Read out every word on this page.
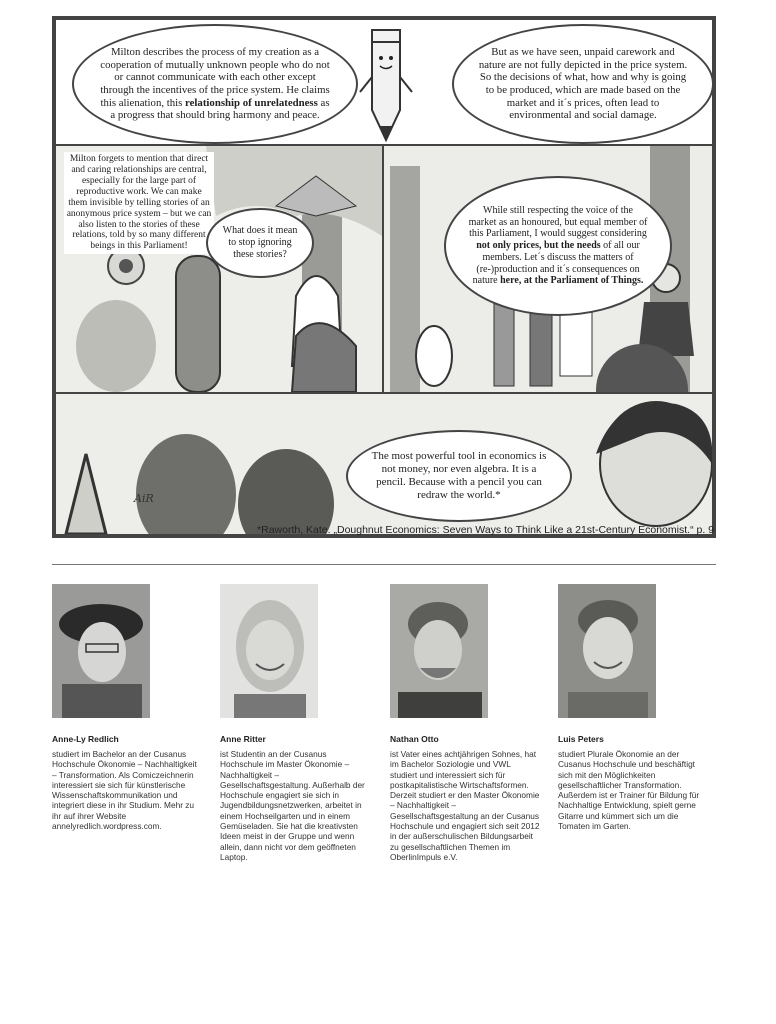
Milton describes the process of my creation as a cooperation of mutually unknown people who do not or cannot communicate with each other except through the incentives of the price system. He claims this alienation, this relationship of unrelatedness as a progress that should bring harmony and peace.
But as we have seen, unpaid carework and nature are not fully depicted in the price system. So the decisions of what, how and why is going to be produced, which are made based on the market and it´s prices, often lead to environmental and social damage.
Milton forgets to mention that direct and caring relationships are central, especially for the large part of reproductive work. We can make them invisible by telling stories of an anonymous price system – but we can also listen to the stories of these relations, told by so many different beings in this Parliament!
What does it mean to stop ignoring these stories?
While still respecting the voice of the market as an honoured, but equal member of this Parliament, I would suggest considering not only prices, but the needs of all our members. Let´s discuss the matters of (re-)production and it´s consequences on nature here, at the Parliament of Things.
The most powerful tool in economics is not money, nor even algebra. It is a pencil. Because with a pencil you can redraw the world.*
AiR
*Raworth, Kate. „Doughnut Economics: Seven Ways to Think Like a 21st-Century Economist.“ p. 9
Anne-Ly Redlich

studiert im Bachelor an der Cusanus Hochschule Ökonomie – Nachhaltigkeit – Transformation. Als Comiczeichnerin interessiert sie sich für künstlerische Wissenschaftskommunikation und integriert diese in ihr Studium. Mehr zu ihr auf ihrer Website annelyredlich.wordpress.com.

Anne Ritter

ist Studentin an der Cusanus Hochschule im Master Ökonomie – Nachhaltigkeit – Gesellschaftsgestaltung. Außerhalb der Hochschule engagiert sie sich in Jugendbildungsnetzwerken, arbeitet in einem Hochseilgarten und in einem Gemüseladen. Sie hat die kreativsten Ideen meist in der Gruppe und wenn allein, dann nicht vor dem geöffneten Laptop.

Nathan Otto

ist Vater eines achtjährigen Sohnes, hat im Bachelor Soziologie und VWL studiert und interessiert sich für postkapitalistische Wirtschaftsformen. Derzeit studiert er den Master Ökonomie – Nachhaltigkeit – Gesellschaftsgestaltung an der Cusanus Hochschule und engagiert sich seit 2012 in der außerschulischen Bildungsarbeit zu gesellschaftlichen Themen im OberlinImpuls e.V.

Luis Peters

studiert Plurale Ökonomie an der Cusanus Hochschule und beschäftigt sich mit den Möglichkeiten gesellschaftlicher Transformation. Außerdem ist er Trainer für Bildung für Nachhaltige Entwicklung, spielt gerne Gitarre und kümmert sich um die Tomaten im Garten.
